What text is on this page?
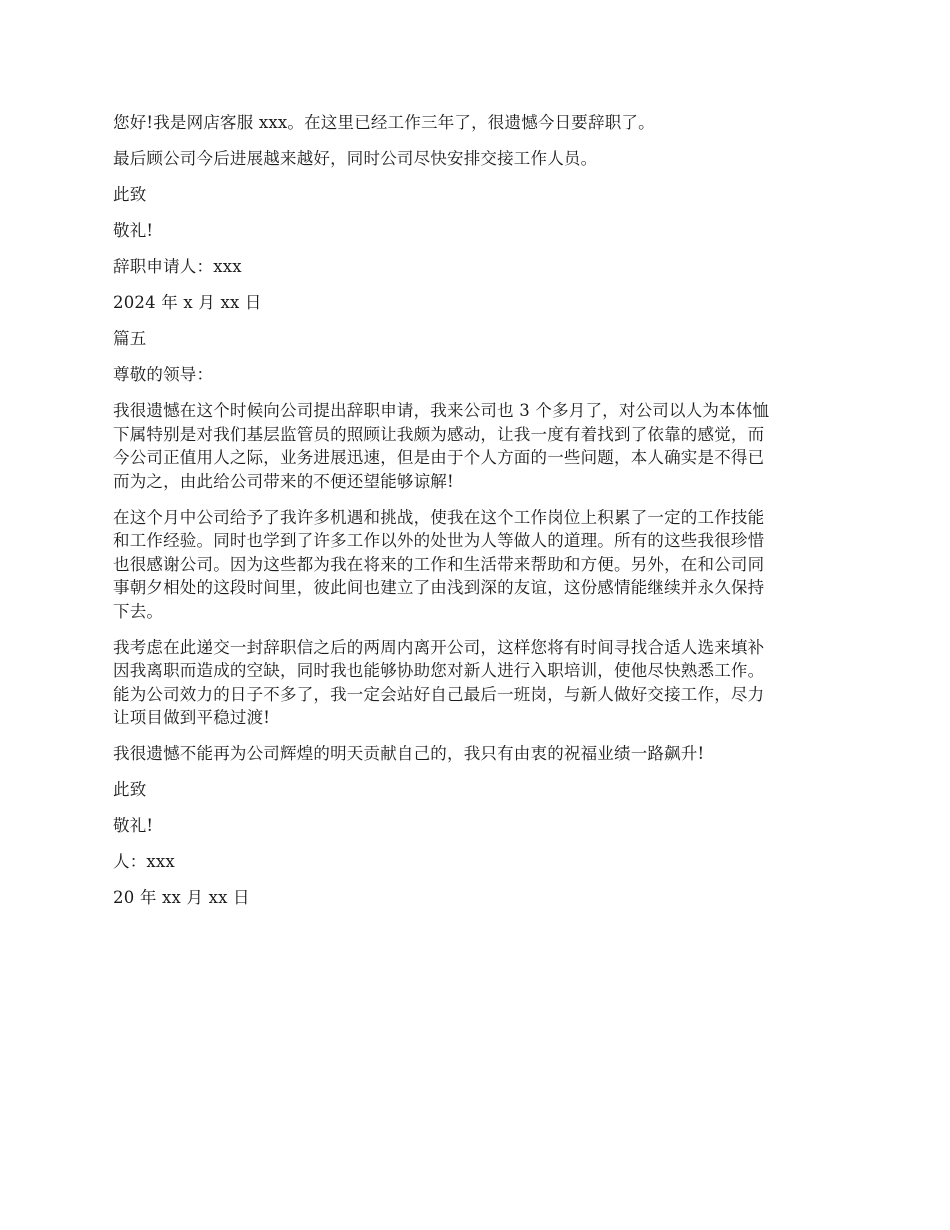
您好!我是网店客服 xxx。在这里已经工作三年了，很遗憾今日要辞职了。

最后顾公司今后进展越来越好，同时公司尽快安排交接工作人员。

此致

敬礼!

辞职申请人：xxx

2024 年 x 月 xx 日

篇五

尊敬的领导：

我很遗憾在这个时候向公司提出辞职申请，我来公司也 3 个多月了，对公司以人为本体恤
下属特别是对我们基层监管员的照顾让我颇为感动，让我一度有着找到了依靠的感觉，而
今公司正值用人之际，业务进展迅速，但是由于个人方面的一些问题，本人确实是不得已
而为之，由此给公司带来的不便还望能够谅解!

在这个月中公司给予了我许多机遇和挑战，使我在这个工作岗位上积累了一定的工作技能
和工作经验。同时也学到了许多工作以外的处世为人等做人的道理。所有的这些我很珍惜
也很感谢公司。因为这些都为我在将来的工作和生活带来帮助和方便。另外，在和公司同
事朝夕相处的这段时间里，彼此间也建立了由浅到深的友谊，这份感情能继续并永久保持
下去。

我考虑在此递交一封辞职信之后的两周内离开公司，这样您将有时间寻找合适人选来填补
因我离职而造成的空缺，同时我也能够协助您对新人进行入职培训，使他尽快熟悉工作。
能为公司效力的日子不多了，我一定会站好自己最后一班岗，与新人做好交接工作，尽力
让项目做到平稳过渡!

我很遗憾不能再为公司辉煌的明天贡献自己的，我只有由衷的祝福业绩一路飙升!

此致

敬礼!

人：xxx

20 年 xx 月 xx 日
